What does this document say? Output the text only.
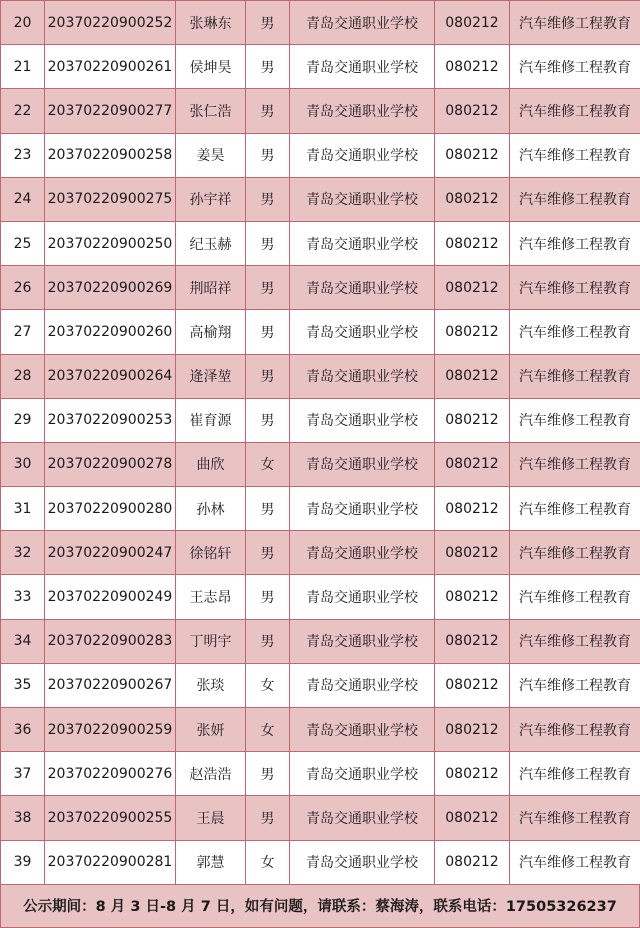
20	20370220900252	张琳东	男	青岛交通职业学校	080212	汽车维修工程教育
21	20370220900261	侯坤昊	男	青岛交通职业学校	080212	汽车维修工程教育
22	20370220900277	张仁浩	男	青岛交通职业学校	080212	汽车维修工程教育
23	20370220900258	姜昊	男	青岛交通职业学校	080212	汽车维修工程教育
24	20370220900275	孙宇祥	男	青岛交通职业学校	080212	汽车维修工程教育
25	20370220900250	纪玉赫	男	青岛交通职业学校	080212	汽车维修工程教育
26	20370220900269	荆昭祥	男	青岛交通职业学校	080212	汽车维修工程教育
27	20370220900260	高榆翔	男	青岛交通职业学校	080212	汽车维修工程教育
28	20370220900264	逄泽堃	男	青岛交通职业学校	080212	汽车维修工程教育
29	20370220900253	崔育源	男	青岛交通职业学校	080212	汽车维修工程教育
30	20370220900278	曲欣	女	青岛交通职业学校	080212	汽车维修工程教育
31	20370220900280	孙林	男	青岛交通职业学校	080212	汽车维修工程教育
32	20370220900247	徐铭轩	男	青岛交通职业学校	080212	汽车维修工程教育
33	20370220900249	王志昂	男	青岛交通职业学校	080212	汽车维修工程教育
34	20370220900283	丁明宇	男	青岛交通职业学校	080212	汽车维修工程教育
35	20370220900267	张琰	女	青岛交通职业学校	080212	汽车维修工程教育
36	20370220900259	张妍	女	青岛交通职业学校	080212	汽车维修工程教育
37	20370220900276	赵浩浩	男	青岛交通职业学校	080212	汽车维修工程教育
38	20370220900255	王晨	男	青岛交通职业学校	080212	汽车维修工程教育
39	20370220900281	郭慧	女	青岛交通职业学校	080212	汽车维修工程教育
公示期间：8 月 3 日-8 月 7 日，如有问题，请联系：蔡海涛，联系电话：17505326237
